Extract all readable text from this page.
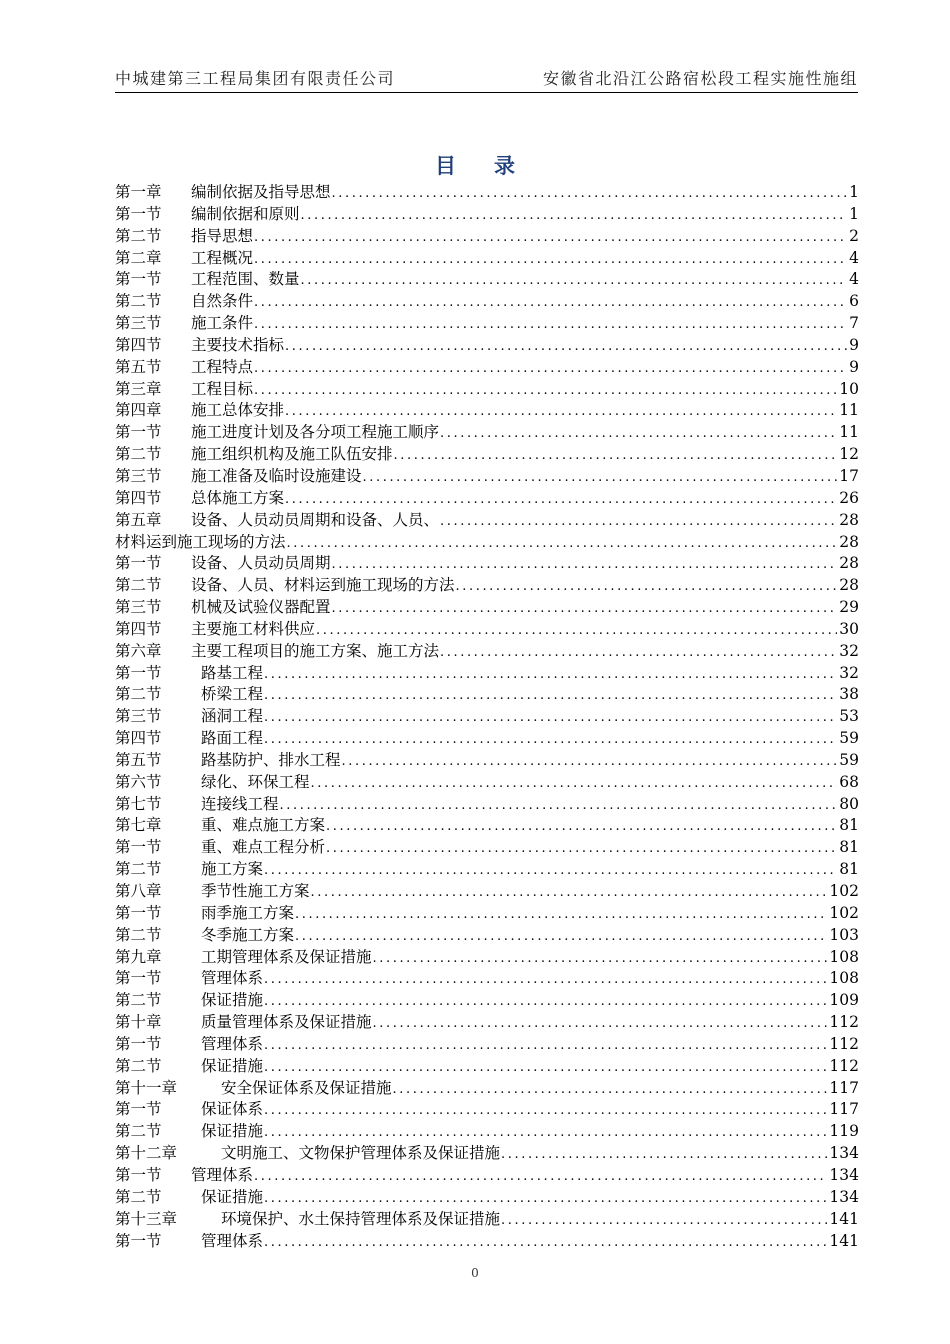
中城建第三工程局集团有限责任公司	安徽省北沿江公路宿松段工程实施性施组
目 录
第一章	编制依据及指导思想 .....	1
第一节	编制依据和原则 .....	1
第二节	指导思想 .....	2
第二章	工程概况 .....	4
第一节	工程范围、数量 .....	4
第二节	自然条件 .....	6
第三节	施工条件 .....	7
第四节	主要技术指标 .....	9
第五节	工程特点 .....	9
第三章	工程目标 .....	10
第四章	施工总体安排 .....	11
第一节	施工进度计划及各分项工程施工顺序 .....	11
第二节	施工组织机构及施工队伍安排 .....	12
第三节	施工准备及临时设施建设 .....	17
第四节	总体施工方案 .....	26
第五章	设备、人员动员周期和设备、人员、 .....	28
材料运到施工现场的方法 .....	28
第一节	设备、人员动员周期 .....	28
第二节	设备、人员、材料运到施工现场的方法 .....	28
第三节	机械及试验仪器配置 .....	29
第四节	主要施工材料供应 .....	30
第六章	主要工程项目的施工方案、施工方法 .....	32
第一节	路基工程 .....	32
第二节	桥梁工程 .....	38
第三节	涵洞工程 .....	53
第四节	路面工程 .....	59
第五节	路基防护、排水工程 .....	59
第六节	绿化、环保工程 .....	68
第七节	连接线工程 .....	80
第七章	重、难点施工方案 .....	81
第一节	重、难点工程分析 .....	81
第二节	施工方案 .....	81
第八章	季节性施工方案 .....	102
第一节	雨季施工方案 .....	102
第二节	冬季施工方案 .....	103
第九章	工期管理体系及保证措施 .....	108
第一节	管理体系 .....	108
第二节	保证措施 .....	109
第十章	质量管理体系及保证措施 .....	112
第一节	管理体系 .....	112
第二节	保证措施 .....	112
第十一章	安全保证体系及保证措施 .....	117
第一节	保证体系 .....	117
第二节	保证措施 .....	119
第十二章	文明施工、文物保护管理体系及保证措施 .....	134
第一节	管理体系 .....	134
第二节	保证措施 .....	134
第十三章	环境保护、水土保持管理体系及保证措施 .....	141
第一节	管理体系 .....	141
0
